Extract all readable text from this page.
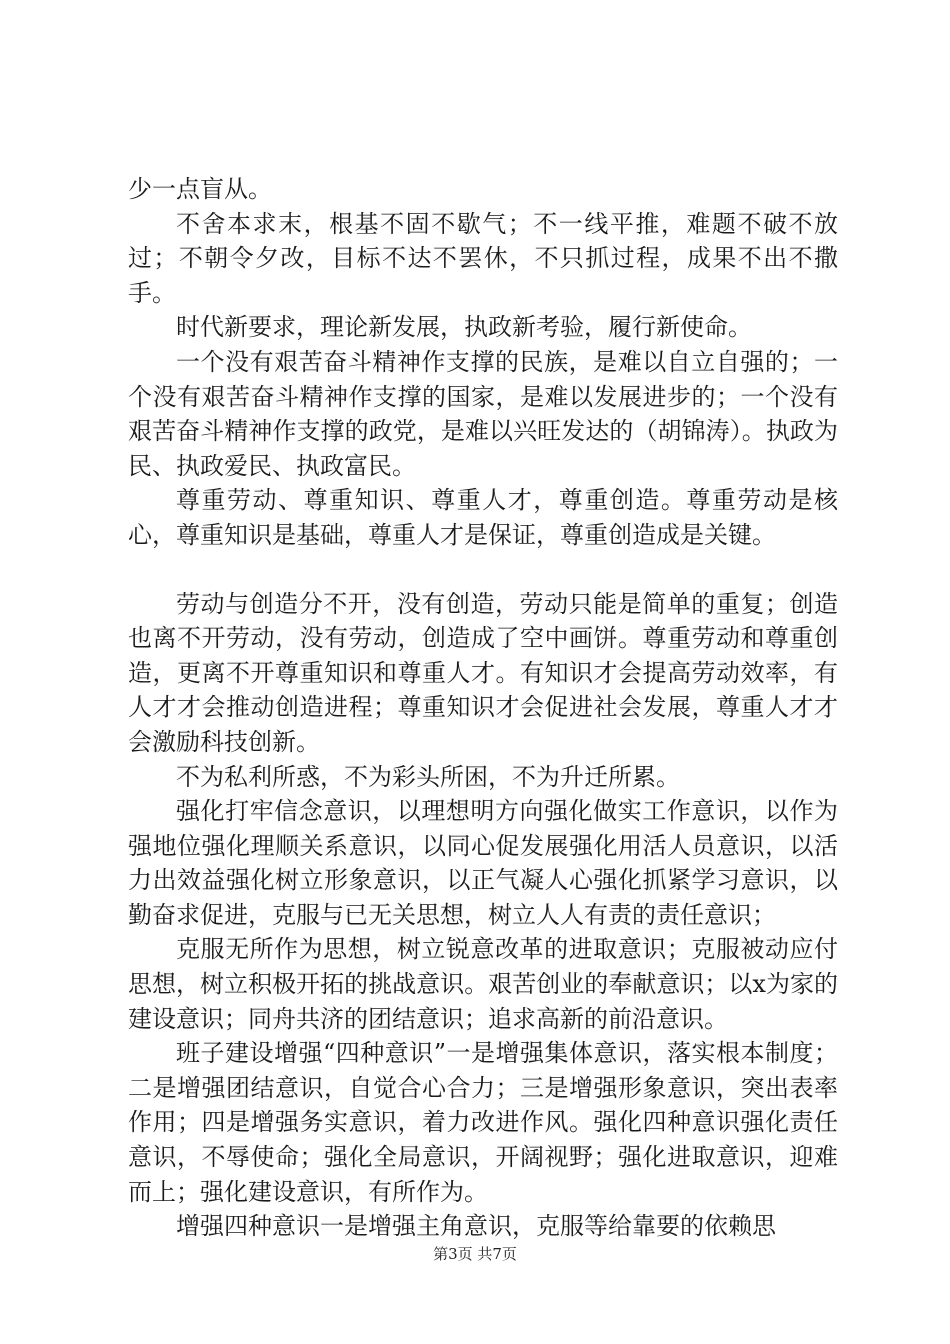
少一点盲从。

不舍本求末，根基不固不歇气；不一线平推，难题不破不放过；不朝令夕改，目标不达不罢休，不只抓过程，成果不出不撒手。

时代新要求，理论新发展，执政新考验，履行新使命。

一个没有艰苦奋斗精神作支撑的民族，是难以自立自强的；一个没有艰苦奋斗精神作支撑的国家，是难以发展进步的；一个没有艰苦奋斗精神作支撑的政党，是难以兴旺发达的（胡锦涛）。执政为民、执政爱民、执政富民。

尊重劳动、尊重知识、尊重人才，尊重创造。尊重劳动是核心，尊重知识是基础，尊重人才是保证，尊重创造成是关键。

劳动与创造分不开，没有创造，劳动只能是简单的重复；创造也离不开劳动，没有劳动，创造成了空中画饼。尊重劳动和尊重创造，更离不开尊重知识和尊重人才。有知识才会提高劳动效率，有人才才会推动创造进程；尊重知识才会促进社会发展，尊重人才才会激励科技创新。

不为私利所惑，不为彩头所困，不为升迁所累。

强化打牢信念意识，以理想明方向强化做实工作意识，以作为强地位强化理顺关系意识，以同心促发展强化用活人员意识，以活力出效益强化树立形象意识，以正气凝人心强化抓紧学习意识，以勤奋求促进，克服与已无关思想，树立人人有责的责任意识；

克服无所作为思想，树立锐意改革的进取意识；克服被动应付思想，树立积极开拓的挑战意识。艰苦创业的奉献意识；以x为家的建设意识；同舟共济的团结意识；追求高新的前沿意识。

班子建设增强“四种意识”一是增强集体意识，落实根本制度；二是增强团结意识，自觉合心合力；三是增强形象意识，突出表率作用；四是增强务实意识，着力改进作风。强化四种意识强化责任意识，不辱使命；强化全局意识，开阔视野；强化进取意识，迎难而上；强化建设意识，有所作为。

增强四种意识一是增强主角意识，克服等给靠要的依赖思

第3页 共7页
